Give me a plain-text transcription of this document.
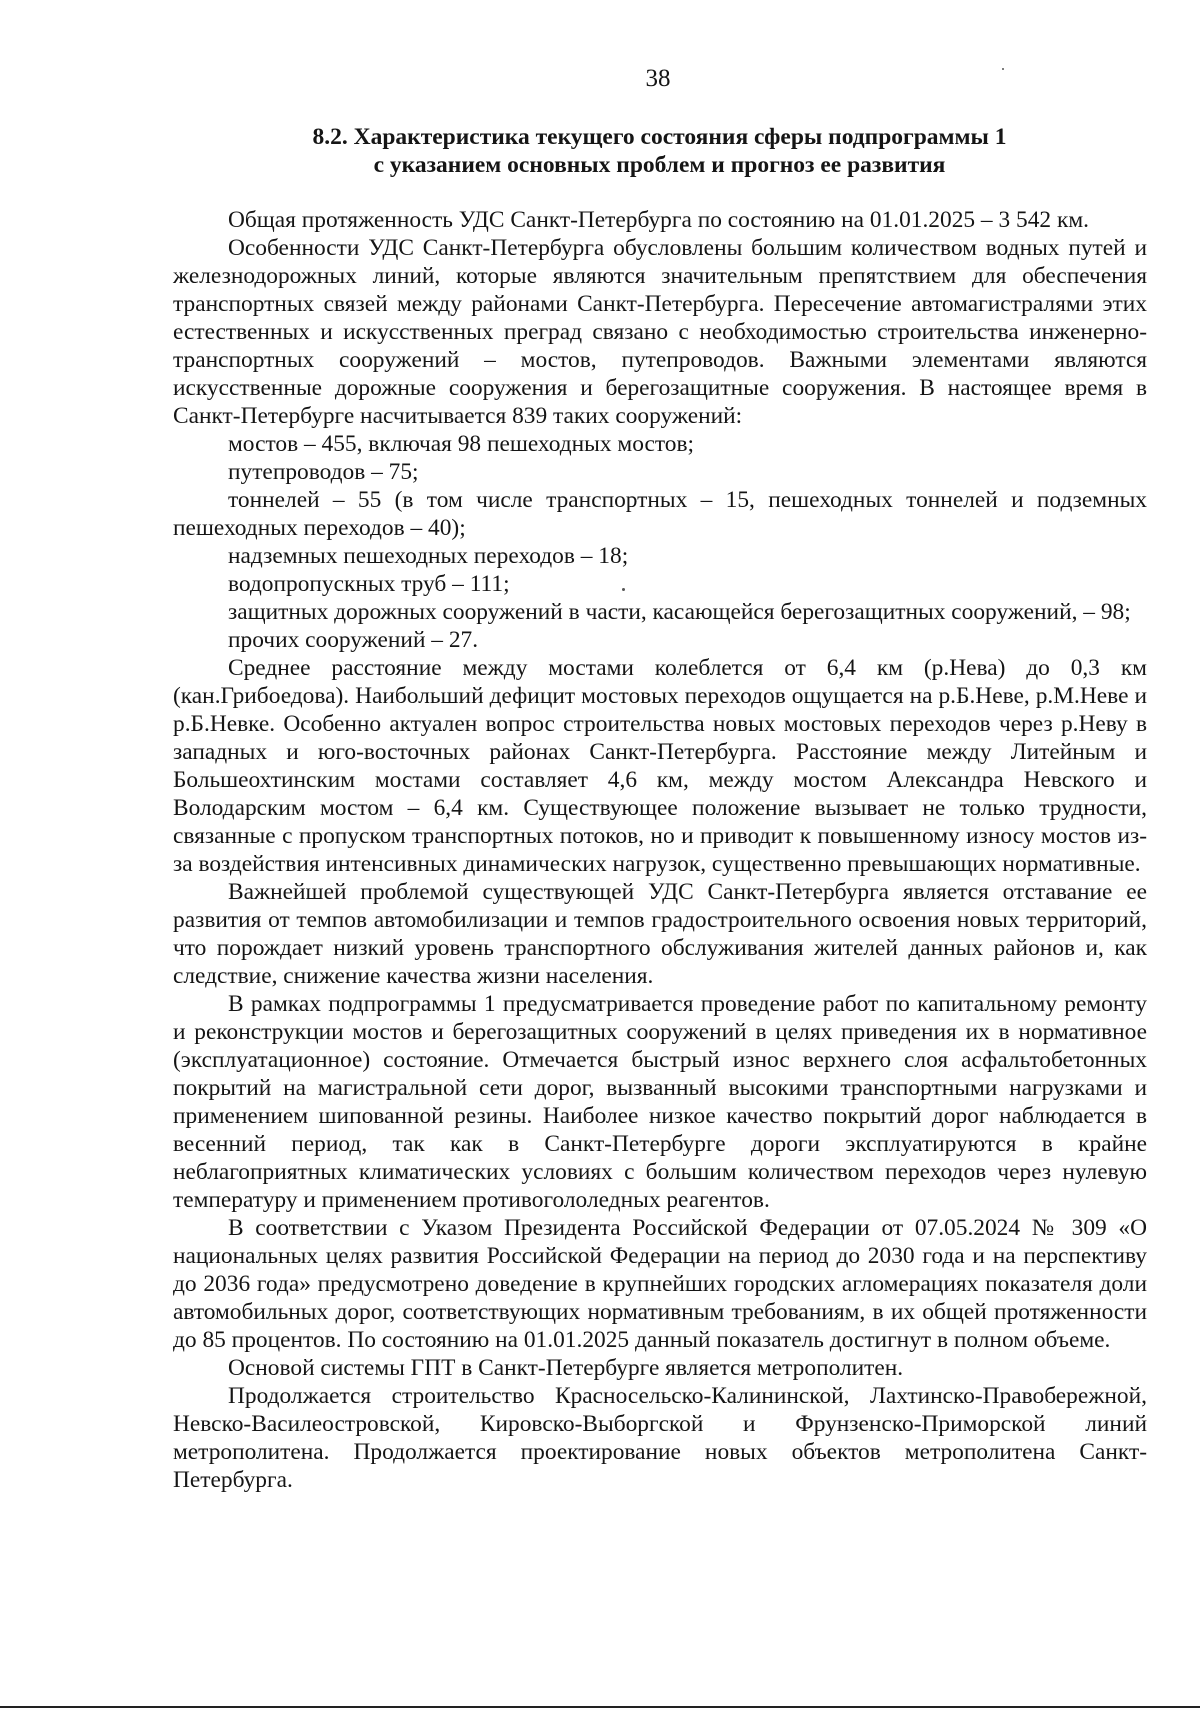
38
8.2. Характеристика текущего состояния сферы подпрограммы 1
с указанием основных проблем и прогноз ее развития

Общая протяженность УДС Санкт-Петербурга по состоянию на 01.01.2025 – 3 542 км.

Особенности УДС Санкт-Петербурга обусловлены большим количеством водных путей и железнодорожных линий, которые являются значительным препятствием для обеспечения транспортных связей между районами Санкт-Петербурга. Пересечение автомагистралями этих естественных и искусственных преград связано с необходимостью строительства инженерно-транспортных сооружений – мостов, путепроводов. Важными элементами являются искусственные дорожные сооружения и берегозащитные сооружения. В настоящее время в Санкт-Петербурге насчитывается 839 таких сооружений:

мостов – 455, включая 98 пешеходных мостов;

путепроводов – 75;

тоннелей – 55 (в том числе транспортных – 15, пешеходных тоннелей и подземных пешеходных переходов – 40);

надземных пешеходных переходов – 18;

водопропускных труб – 111;

защитных дорожных сооружений в части, касающейся берегозащитных сооружений, – 98;

прочих сооружений – 27.

Среднее расстояние между мостами колеблется от 6,4 км (р.Нева) до 0,3 км (кан.Грибоедова). Наибольший дефицит мостовых переходов ощущается на р.Б.Неве, р.М.Неве и р.Б.Невке. Особенно актуален вопрос строительства новых мостовых переходов через р.Неву в западных и юго-восточных районах Санкт-Петербурга. Расстояние между Литейным и Большеохтинским мостами составляет 4,6 км, между мостом Александра Невского и Володарским мостом – 6,4 км. Существующее положение вызывает не только трудности, связанные с пропуском транспортных потоков, но и приводит к повышенному износу мостов из-за воздействия интенсивных динамических нагрузок, существенно превышающих нормативные.

Важнейшей проблемой существующей УДС Санкт-Петербурга является отставание ее развития от темпов автомобилизации и темпов градостроительного освоения новых территорий, что порождает низкий уровень транспортного обслуживания жителей данных районов и, как следствие, снижение качества жизни населения.

В рамках подпрограммы 1 предусматривается проведение работ по капитальному ремонту и реконструкции мостов и берегозащитных сооружений в целях приведения их в нормативное (эксплуатационное) состояние. Отмечается быстрый износ верхнего слоя асфальтобетонных покрытий на магистральной сети дорог, вызванный высокими транспортными нагрузками и применением шипованной резины. Наиболее низкое качество покрытий дорог наблюдается в весенний период, так как в Санкт-Петербурге дороги эксплуатируются в крайне неблагоприятных климатических условиях с большим количеством переходов через нулевую температуру и применением противогололедных реагентов.

В соответствии с Указом Президента Российской Федерации от 07.05.2024 № 309 «О национальных целях развития Российской Федерации на период до 2030 года и на перспективу до 2036 года» предусмотрено доведение в крупнейших городских агломерациях показателя доли автомобильных дорог, соответствующих нормативным требованиям, в их общей протяженности до 85 процентов. По состоянию на 01.01.2025 данный показатель достигнут в полном объеме.

Основой системы ГПТ в Санкт-Петербурге является метрополитен.

Продолжается строительство Красносельско-Калининской, Лахтинско-Правобережной, Невско-Василеостровской, Кировско-Выборгской и Фрунзенско-Приморской линий метрополитена. Продолжается проектирование новых объектов метрополитена Санкт-Петербурга.
